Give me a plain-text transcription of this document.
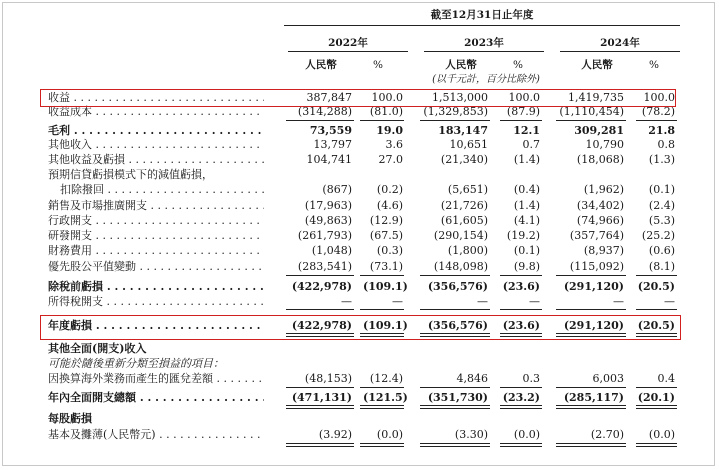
截至12月31日止年度
2022年	2023年	2024年
人民幣	%	人民幣	%	人民幣	%
(以千元計，百分比除外)
收益 . . .	387,847	100.0	1,513,000	100.0	1,419,735	100.0
收益成本 . . .	(314,288)	(81.0)	(1,329,853)	(87.9)	(1,110,454)	(78.2)
毛利 . . .	73,559	19.0	183,147	12.1	309,281	21.8
其他收入 . . .	13,797	3.6	10,651	0.7	10,790	0.8
其他收益及虧損 . . .	104,741	27.0	(21,340)	(1.4)	(18,068)	(1.3)
預期信貸虧損模式下的減值虧損，
扣除撥回 . . .	(867)	(0.2)	(5,651)	(0.4)	(1,962)	(0.1)
銷售及市場推廣開支 . . .	(17,963)	(4.6)	(21,726)	(1.4)	(34,402)	(2.4)
行政開支 . . .	(49,863)	(12.9)	(61,605)	(4.1)	(74,966)	(5.3)
研發開支 . . .	(261,793)	(67.5)	(290,154)	(19.2)	(357,764)	(25.2)
財務費用 . . .	(1,048)	(0.3)	(1,800)	(0.1)	(8,937)	(0.6)
優先股公平值變動 . . .	(283,541)	(73.1)	(148,098)	(9.8)	(115,092)	(8.1)
除稅前虧損 . . .	(422,978) (109.1)	(356,576) (23.6)	(291,120) (20.5)
所得稅開支 . . .	—	—	—	—	—	—
年度虧損 . . .	(422,978) (109.1)	(356,576) (23.6)	(291,120) (20.5)
其他全面(開支)收入
可能於隨後重新分類至損益的項目：
因換算海外業務而產生的匯兌差額 . . .	(48,153)	(12.4)	4,846	0.3	6,003	0.4
年內全面開支總額 . . .	(471,131) (121.5)	(351,730) (23.2)	(285,117) (20.1)
每股虧損
基本及攤薄(人民幣元) . . .	(3.92)	(0.0)	(3.30)	(0.0)	(2.70)	(0.0)
